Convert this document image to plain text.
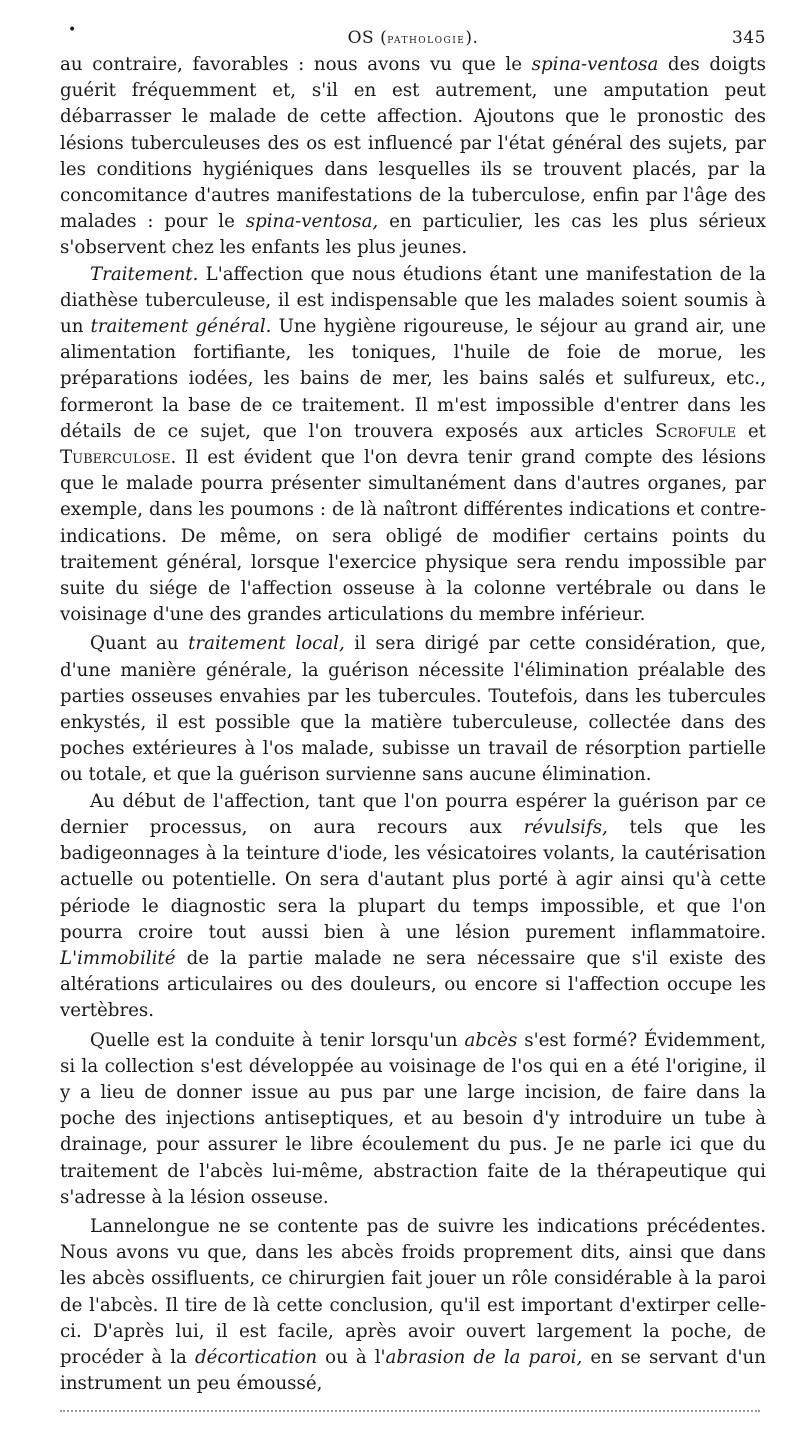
•	OS (pathologie).	345

au contraire, favorables : nous avons vu que le spina-ventosa des doigts guérit fréquemment et, s'il en est autrement, une amputation peut débarrasser le malade de cette affection. Ajoutons que le pronostic des lésions tuberculeuses des os est influencé par l'état général des sujets, par les conditions hygiéniques dans lesquelles ils se trouvent placés, par la concomitance d'autres manifestations de la tuberculose, enfin par l'âge des malades : pour le spina-ventosa, en particulier, les cas les plus sérieux s'observent chez les enfants les plus jeunes.

Traitement. L'affection que nous étudions étant une manifestation de la diathèse tuberculeuse, il est indispensable que les malades soient soumis à un traitement général. Une hygiène rigoureuse, le séjour au grand air, une alimentation fortifiante, les toniques, l'huile de foie de morue, les préparations iodées, les bains de mer, les bains salés et sulfureux, etc., formeront la base de ce traitement. Il m'est impossible d'entrer dans les détails de ce sujet, que l'on trouvera exposés aux articles Scrofule et Tuberculose. Il est évident que l'on devra tenir grand compte des lésions que le malade pourra présenter simultanément dans d'autres organes, par exemple, dans les poumons : de là naîtront différentes indications et contre-indications. De même, on sera obligé de modifier certains points du traitement général, lorsque l'exercice physique sera rendu impossible par suite du siége de l'affection osseuse à la colonne vertébrale ou dans le voisinage d'une des grandes articulations du membre inférieur.

Quant au traitement local, il sera dirigé par cette considération, que, d'une manière générale, la guérison nécessite l'élimination préalable des parties osseuses envahies par les tubercules. Toutefois, dans les tubercules enkystés, il est possible que la matière tuberculeuse, collectée dans des poches extérieures à l'os malade, subisse un travail de résorption partielle ou totale, et que la guérison survienne sans aucune élimination.

Au début de l'affection, tant que l'on pourra espérer la guérison par ce dernier processus, on aura recours aux révulsifs, tels que les badigeonnages à la teinture d'iode, les vésicatoires volants, la cautérisation actuelle ou potentielle. On sera d'autant plus porté à agir ainsi qu'à cette période le diagnostic sera la plupart du temps impossible, et que l'on pourra croire tout aussi bien à une lésion purement inflammatoire. L'immobilité de la partie malade ne sera nécessaire que s'il existe des altérations articulaires ou des douleurs, ou encore si l'affection occupe les vertèbres.

Quelle est la conduite à tenir lorsqu'un abcès s'est formé? Évidemment, si la collection s'est développée au voisinage de l'os qui en a été l'origine, il y a lieu de donner issue au pus par une large incision, de faire dans la poche des injections antiseptiques, et au besoin d'y introduire un tube à drainage, pour assurer le libre écoulement du pus. Je ne parle ici que du traitement de l'abcès lui-même, abstraction faite de la thérapeutique qui s'adresse à la lésion osseuse.

Lannelongue ne se contente pas de suivre les indications précédentes. Nous avons vu que, dans les abcès froids proprement dits, ainsi que dans les abcès ossifluents, ce chirurgien fait jouer un rôle considérable à la paroi de l'abcès. Il tire de là cette conclusion, qu'il est important d'extirper celle-ci. D'après lui, il est facile, après avoir ouvert largement la poche, de procéder à la décortication ou à l'abrasion de la paroi, en se servant d'un instrument un peu émoussé,
